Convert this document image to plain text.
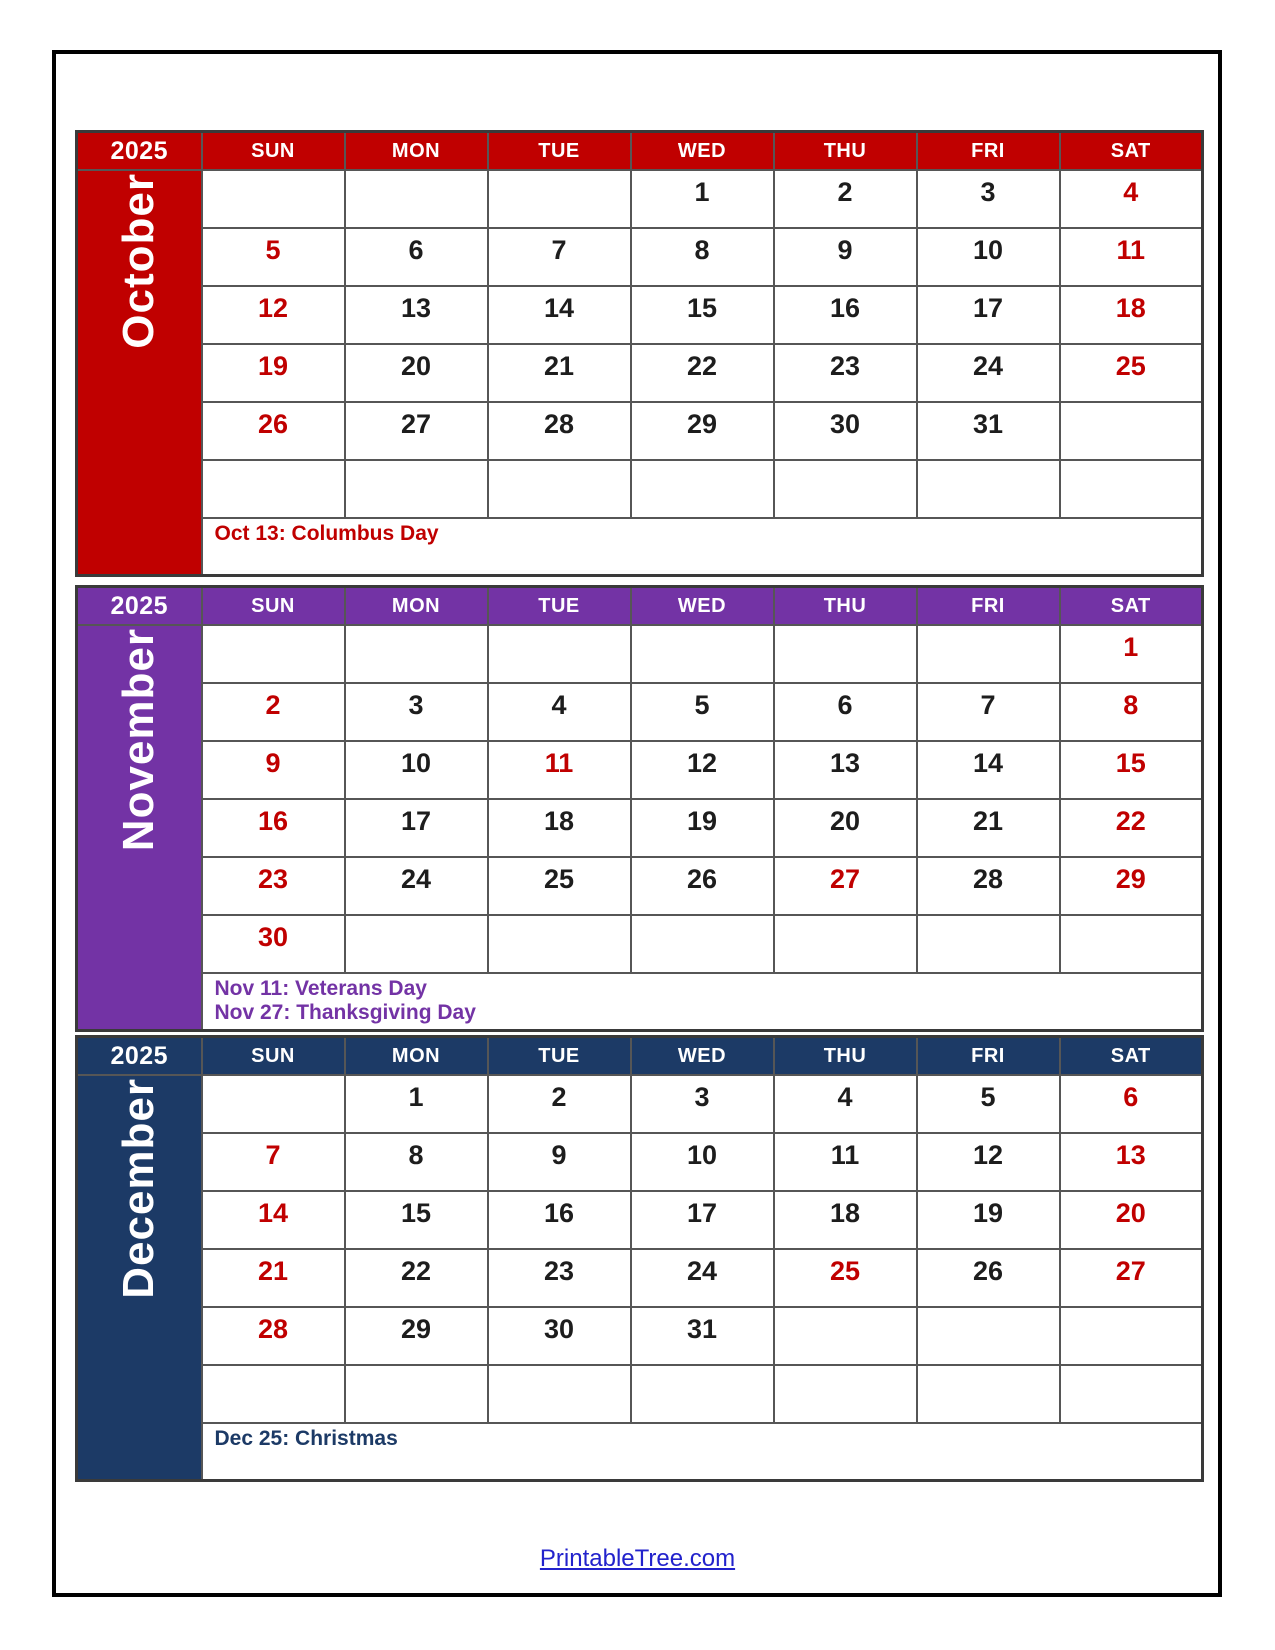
2025	SUN	MON	TUE	WED	THU	FRI	SAT

October				1	2	3	4
	5	6	7	8	9	10	11
	12	13	14	15	16	17	18
	19	20	21	22	23	24	25
	26	27	28	29	30	31	

	Oct 13: Columbus Day						
2025	SUN	MON	TUE	WED	THU	FRI	SAT

November							1
	2	3	4	5	6	7	8
	9	10	11	12	13	14	15
	16	17	18	19	20	21	22
	23	24	25	26	27	28	29
	30						

	Nov 11: Veterans Day
Nov 27: Thanksgiving Day						
2025	SUN	MON	TUE	WED	THU	FRI	SAT

December		1	2	3	4	5	6
	7	8	9	10	11	12	13
	14	15	16	17	18	19	20
	21	22	23	24	25	26	27
	28	29	30	31			

	Dec 25: Christmas						
PrintableTree.com
